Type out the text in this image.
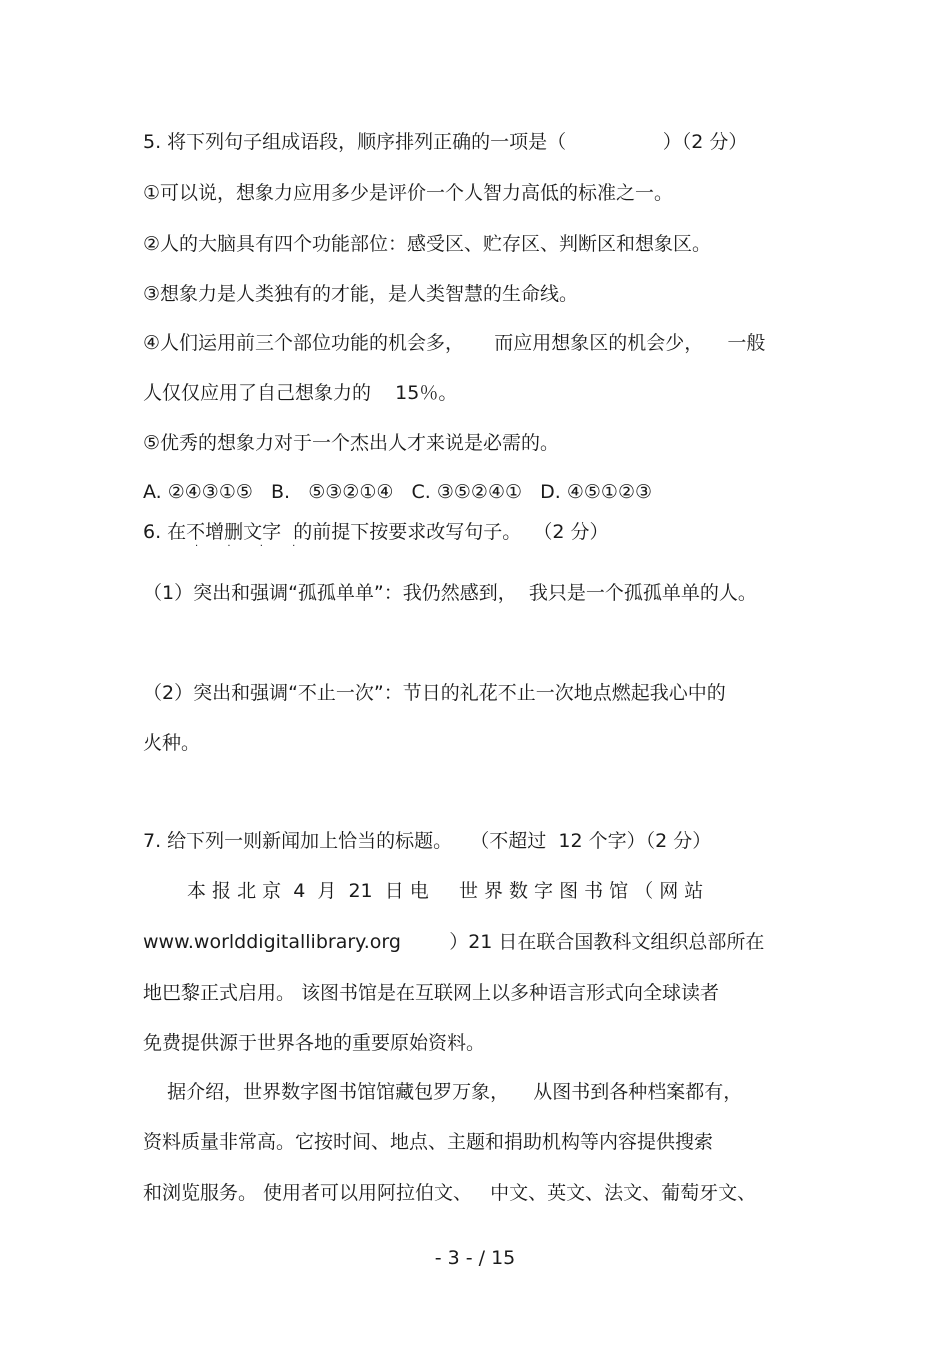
5. 将下列句子组成语段，顺序排列正确的一项是（                ）（2 分）

①可以说，想象力应用多少是评价一个人智力高低的标准之一。

②人的大脑具有四个功能部位：感受区、贮存区、判断区和想象区。

③想象力是人类独有的才能，是人类智慧的生命线。

④人们运用前三个部位功能的机会多，     而应用想象区的机会少，    一般

人仅仅应用了自己想象力的    15％。

⑤优秀的想象力对于一个杰出人才来说是必需的。

A. ②④③①⑤   B.   ⑤③②①④   C. ③⑤②④①   D. ④⑤①②③

6. 在不增删文字  的前提下按要求改写句子。  （2 分）

· · · ·

（1）突出和强调“孤孤单单”：我仍然感到，  我只是一个孤孤单单的人。

（2）突出和强调“不止一次”：节日的礼花不止一次地点燃起我心中的

火种。

7. 给下列一则新闻加上恰当的标题。   （不超过  12 个字）（2 分）

本 报 北 京  4  月  21  日 电     世 界 数 字 图 书 馆 （ 网 站

www.worlddigitallibrary.org        ）21 日在联合国教科文组织总部所在

地巴黎正式启用。 该图书馆是在互联网上以多种语言形式向全球读者

免费提供源于世界各地的重要原始资料。

据介绍，世界数字图书馆馆藏包罗万象，    从图书到各种档案都有，

资料质量非常高。它按时间、地点、主题和捐助机构等内容提供搜索

和浏览服务。 使用者可以用阿拉伯文、   中文、英文、法文、葡萄牙文、

- 3 - / 15
